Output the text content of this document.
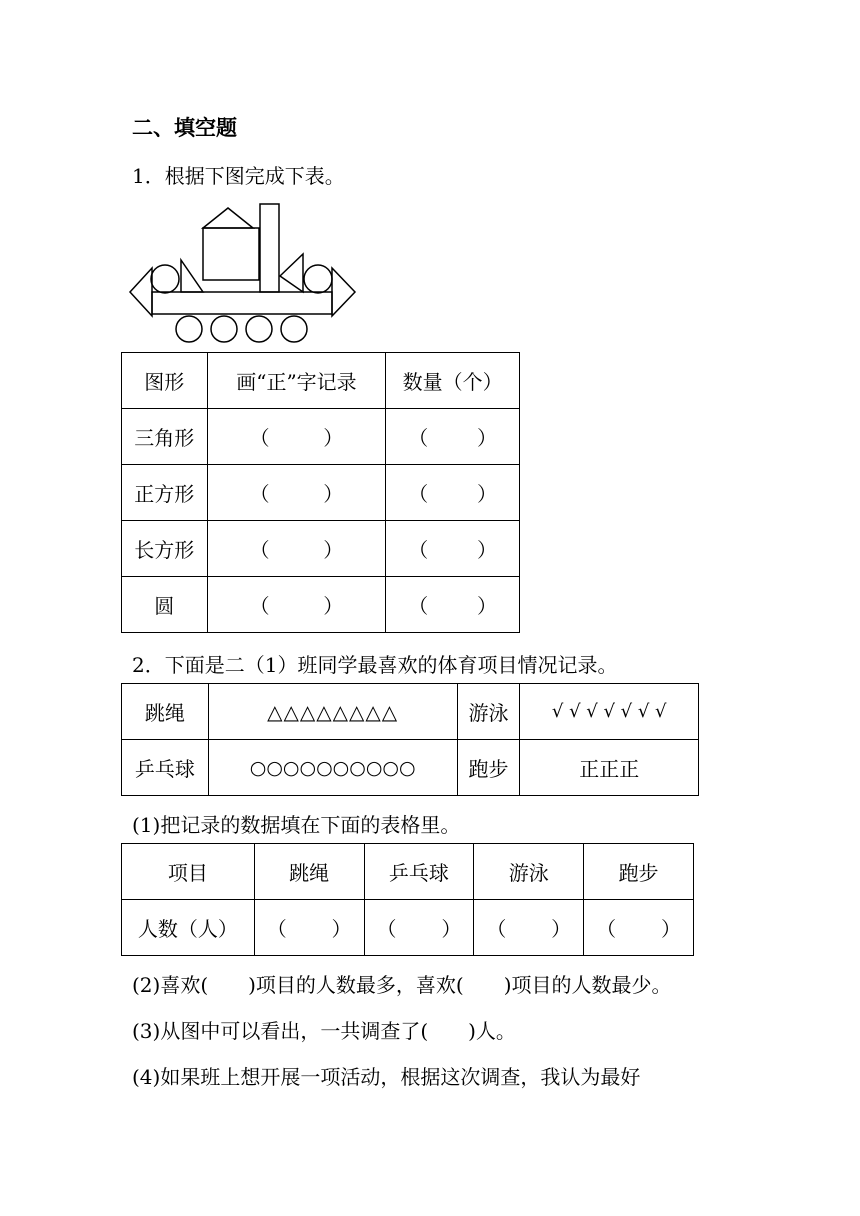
二、填空题
1．根据下图完成下表。
图形	画“正”字记录	数量（个）
三角形	（ ）	（ ）

正方形	（ ）	（ ）

长方形	（ ）	（ ）

圆	（ ）	（ ）
2．下面是二（1）班同学最喜欢的体育项目情况记录。
跳绳	△△△△△△△△	游泳	√ √ √ √ √ √ √
乒乓球	○○○○○○○○○○	跑步	正正正
(1)把记录的数据填在下面的表格里。
项目	跳绳	乒乓球	游泳	跑步
人数（人）	（ ）	（ ）	（ ）	（ ）
(2)喜欢(　　)项目的人数最多，喜欢(　　)项目的人数最少。
(3)从图中可以看出，一共调查了(　　)人。
(4)如果班上想开展一项活动，根据这次调查，我认为最好
